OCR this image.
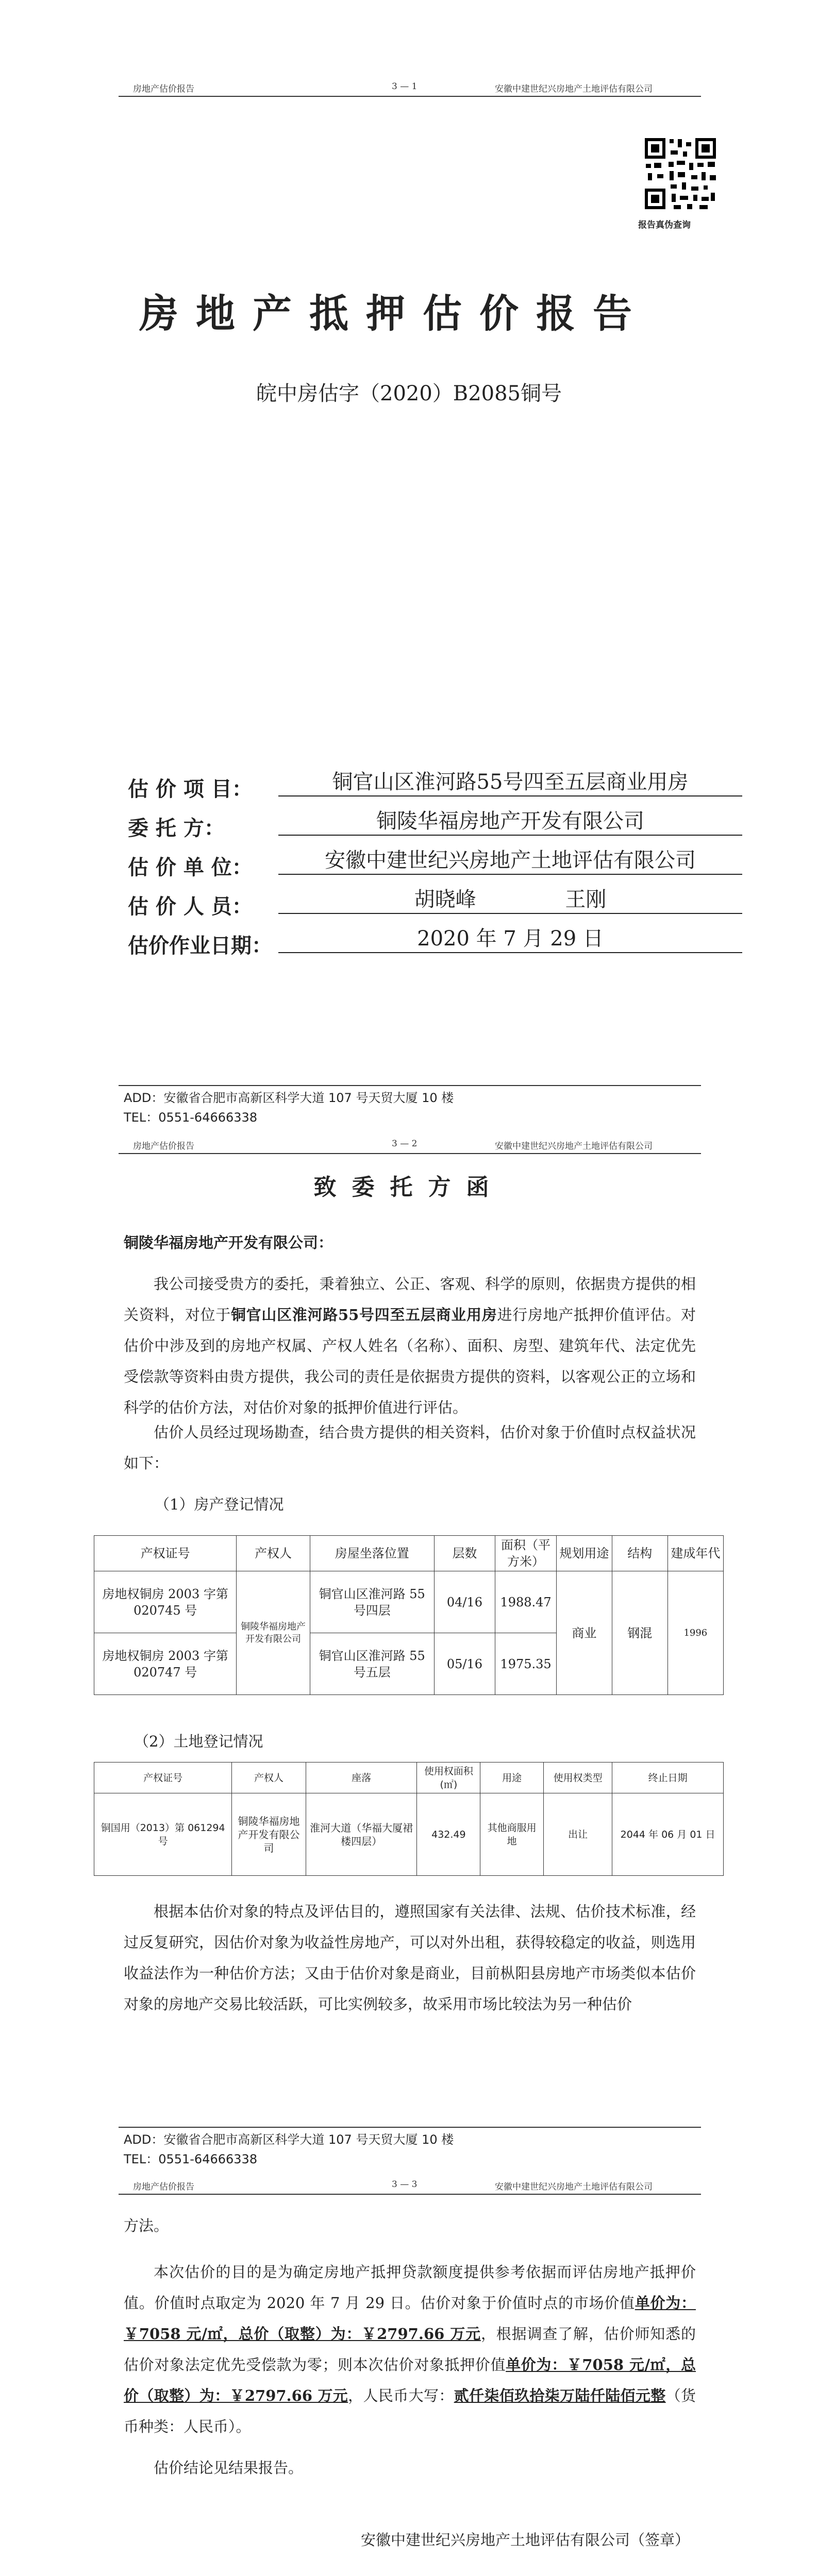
房地产估价报告	3 — 1	安徽中建世纪兴房地产土地评估有限公司
报告真伪查询
房地产抵押估价报告
皖中房估字（2020）B2085铜号
估 价 项 目：	铜官山区淮河路55号四至五层商业用房
委 托 方：	铜陵华福房地产开发有限公司
估 价 单 位：	安徽中建世纪兴房地产土地评估有限公司
估 价 人 员：	胡晓峰 王刚
估价作业日期：	2020 年 7 月 29 日
ADD：安徽省合肥市高新区科学大道 107 号天贸大厦 10 楼
TEL：0551-64666338
房地产估价报告	3 — 2	安徽中建世纪兴房地产土地评估有限公司
致委托方函
铜陵华福房地产开发有限公司：
我公司接受贵方的委托，秉着独立、公正、客观、科学的原则，依据贵方提供的相关资料，对位于铜官山区淮河路55号四至五层商业用房进行房地产抵押价值评估。对估价中涉及到的房地产权属、产权人姓名（名称）、面积、房型、建筑年代、法定优先受偿款等资料由贵方提供，我公司的责任是依据贵方提供的资料，以客观公正的立场和科学的估价方法，对估价对象的抵押价值进行评估。
估价人员经过现场勘查，结合贵方提供的相关资料，估价对象于价值时点权益状况如下：
（1）房产登记情况
产权证号	产权人	房屋坐落位置	层数	面积（平方米）	规划用途	结构	建成年代
房地权铜房 2003 字第 020745 号	铜陵华福房地产开发有限公司	铜官山区淮河路 55 号四层	04/16	1988.47	商业	钢混	1996
房地权铜房 2003 字第 020747 号		铜官山区淮河路 55 号五层	05/16	1975.35			
（2）土地登记情况
产权证号	产权人	座落	使用权面积(㎡)	用途	使用权类型	终止日期
铜国用（2013）第 061294 号	铜陵华福房地产开发有限公司	淮河大道（华福大厦裙楼四层）	432.49	其他商服用地	出让	2044 年 06 月 01 日
根据本估价对象的特点及评估目的，遵照国家有关法律、法规、估价技术标准，经过反复研究，因估价对象为收益性房地产，可以对外出租，获得较稳定的收益，则选用收益法作为一种估价方法；又由于估价对象是商业，目前枞阳县房地产市场类似本估价对象的房地产交易比较活跃，可比实例较多，故采用市场比较法为另一种估价
ADD：安徽省合肥市高新区科学大道 107 号天贸大厦 10 楼
TEL：0551-64666338
房地产估价报告	3 — 3	安徽中建世纪兴房地产土地评估有限公司
方法。
本次估价的目的是为确定房地产抵押贷款额度提供参考依据而评估房地产抵押价值。价值时点取定为 2020 年 7 月 29 日。估价对象于价值时点的市场价值单价为：￥7058 元/㎡，总价（取整）为：￥2797.66 万元，根据调查了解，估价师知悉的估价对象法定优先受偿款为零；则本次估价对象抵押价值单价为：￥7058 元/㎡，总价（取整）为：￥2797.66 万元，人民币大写：贰仟柒佰玖拾柒万陆仟陆佰元整（货币种类：人民币）。
估价结论见结果报告。
安徽中建世纪兴房地产土地评估有限公司（签章）
